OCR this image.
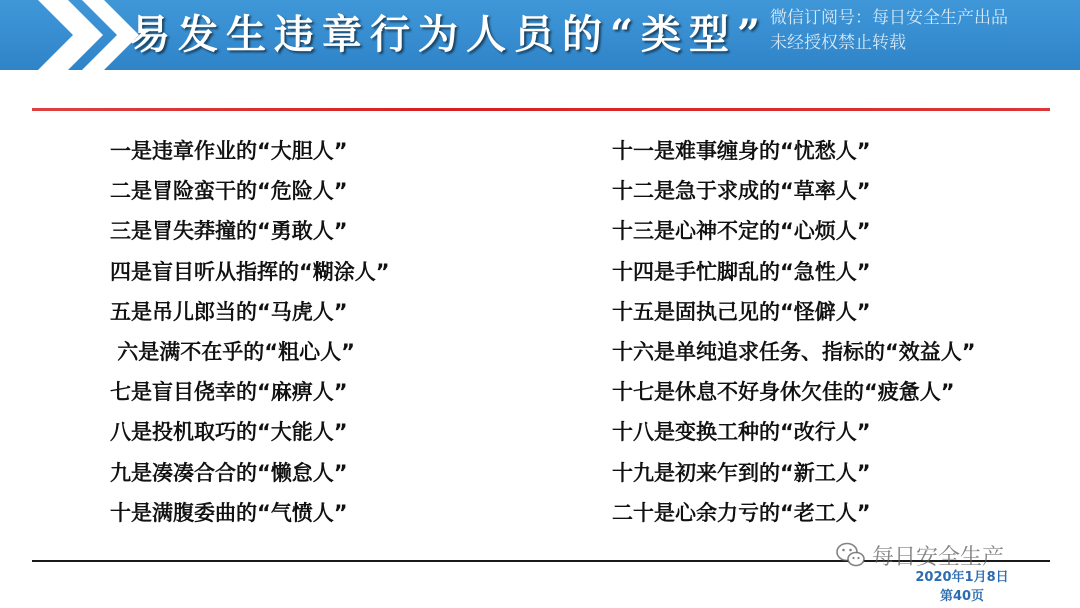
易发生违章行为人员的“类型” 微信订阅号：每日安全生产出品
未经授权禁止转载
一是违章作业的“大胆人”
二是冒险蛮干的“危险人”
三是冒失莽撞的“勇敢人”
四是盲目听从指挥的“糊涂人”
五是吊儿郎当的“马虎人”
六是满不在乎的“粗心人”
七是盲目侥幸的“麻痹人”
八是投机取巧的“大能人”
九是凑凑合合的“懒怠人”
十是满腹委曲的“气愤人”
十一是难事缠身的“忧愁人”
十二是急于求成的“草率人”
十三是心神不定的“心烦人”
十四是手忙脚乱的“急性人”
十五是固执己见的“怪僻人”
十六是单纯追求任务、指标的“效益人”
十七是休息不好身休欠佳的“疲惫人”
十八是变换工种的“改行人”
十九是初来乍到的“新工人”
二十是心余力亏的“老工人”
每日安全生产
2020年1月8日
第40页
